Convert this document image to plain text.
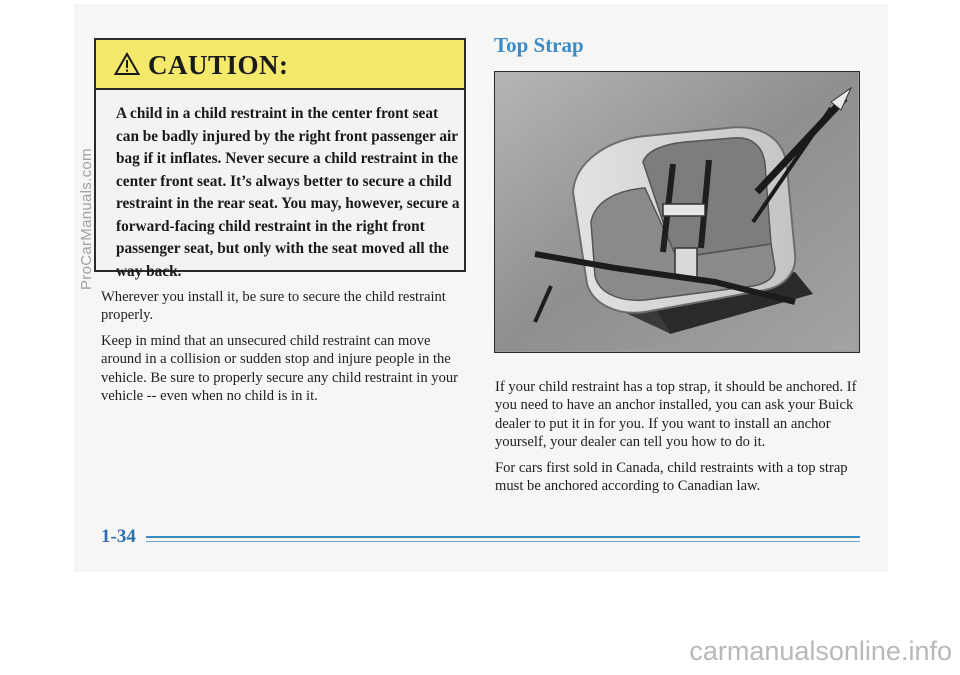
CAUTION:
A child in a child restraint in the center front seat can be badly injured by the right front passenger air bag if it inflates. Never secure a child restraint in the center front seat. It’s always better to secure a child restraint in the rear seat. You may, however, secure a forward-facing child restraint in the right front passenger seat, but only with the seat moved all the way back.

Wherever you install it, be sure to secure the child restraint properly.

Keep in mind that an unsecured child restraint can move around in a collision or sudden stop and injure people in the vehicle. Be sure to properly secure any child restraint in your vehicle -- even when no child is in it.

Top Strap

If your child restraint has a top strap, it should be anchored. If you need to have an anchor installed, you can ask your Buick dealer to put it in for you. If you want to install an anchor yourself, your dealer can tell you how to do it.

For cars first sold in Canada, child restraints with a top strap must be anchored according to Canadian law.

1-34
ProCarManuals.com
carmanualsonline.info
